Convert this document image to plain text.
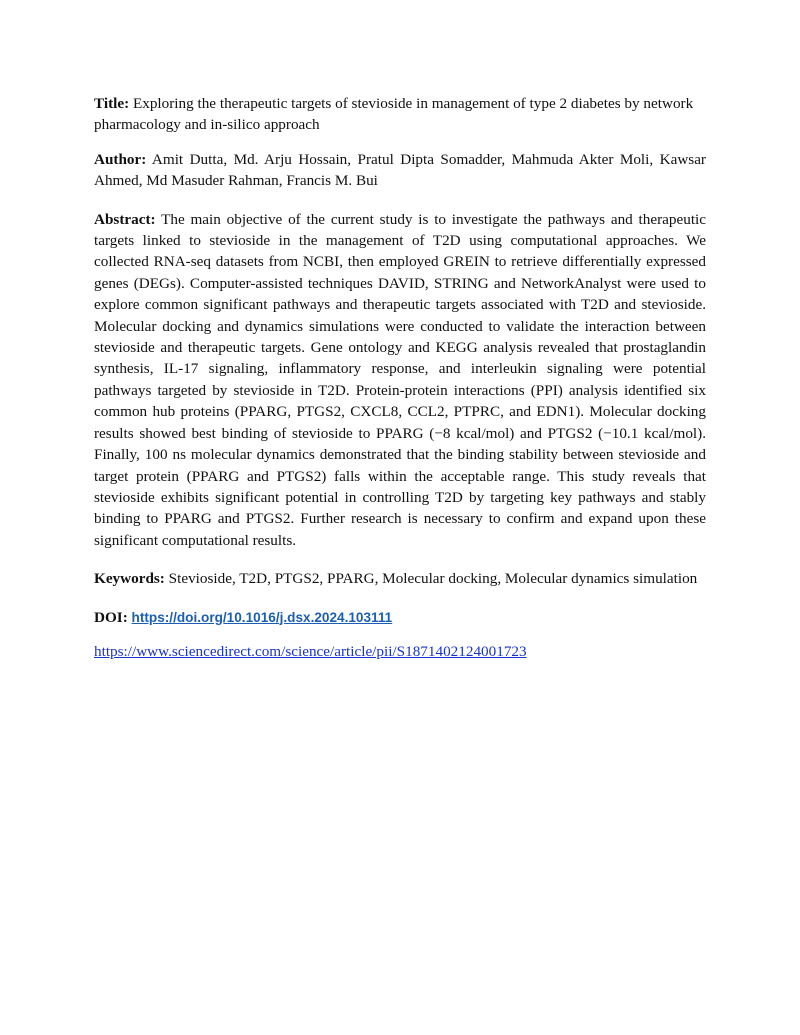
Title: Exploring the therapeutic targets of stevioside in management of type 2 diabetes by network pharmacology and in-silico approach

Author: Amit Dutta, Md. Arju Hossain, Pratul Dipta Somadder, Mahmuda Akter Moli, Kawsar Ahmed, Md Masuder Rahman, Francis M. Bui

Abstract: The main objective of the current study is to investigate the pathways and therapeutic targets linked to stevioside in the management of T2D using computational approaches. We collected RNA-seq datasets from NCBI, then employed GREIN to retrieve differentially expressed genes (DEGs). Computer-assisted techniques DAVID, STRING and NetworkAnalyst were used to explore common significant pathways and therapeutic targets associated with T2D and stevioside. Molecular docking and dynamics simulations were conducted to validate the interaction between stevioside and therapeutic targets. Gene ontology and KEGG analysis revealed that prostaglandin synthesis, IL-17 signaling, inflammatory response, and interleukin signaling were potential pathways targeted by stevioside in T2D. Protein-protein interactions (PPI) analysis identified six common hub proteins (PPARG, PTGS2, CXCL8, CCL2, PTPRC, and EDN1). Molecular docking results showed best binding of stevioside to PPARG (−8 kcal/mol) and PTGS2 (−10.1 kcal/mol). Finally, 100 ns molecular dynamics demonstrated that the binding stability between stevioside and target protein (PPARG and PTGS2) falls within the acceptable range. This study reveals that stevioside exhibits significant potential in controlling T2D by targeting key pathways and stably binding to PPARG and PTGS2. Further research is necessary to confirm and expand upon these significant computational results.

Keywords: Stevioside, T2D, PTGS2, PPARG, Molecular docking, Molecular dynamics simulation

DOI: https://doi.org/10.1016/j.dsx.2024.103111

https://www.sciencedirect.com/science/article/pii/S1871402124001723
